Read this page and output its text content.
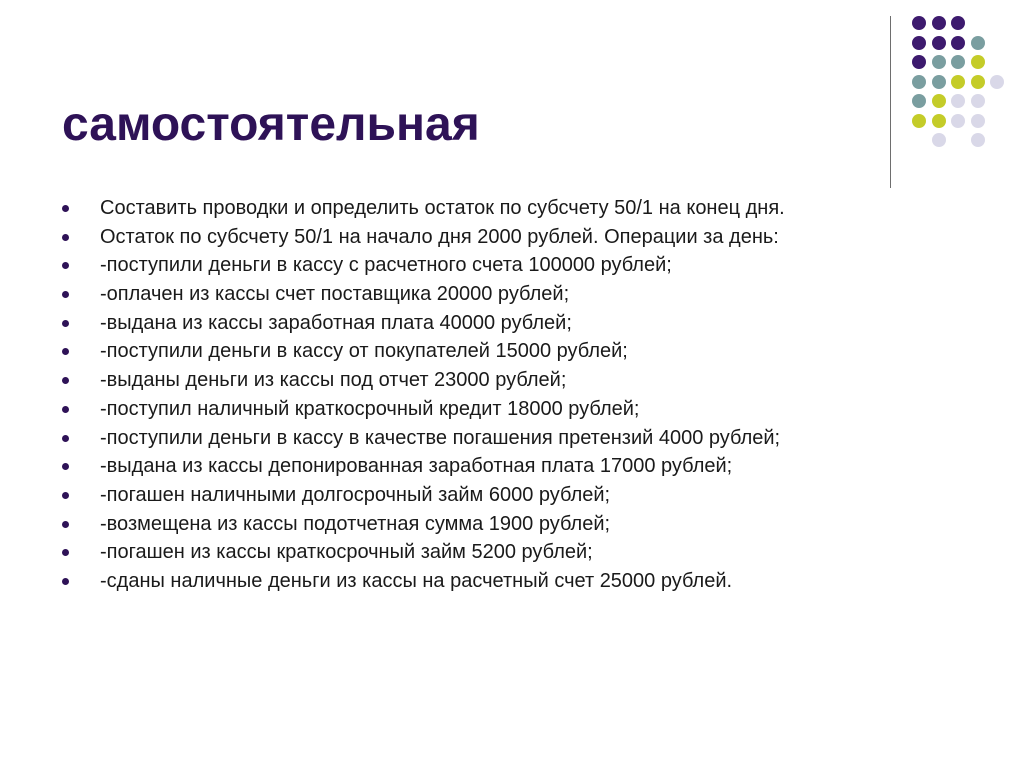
самостоятельная
Составить проводки и определить остаток по субсчету 50/1 на конец дня.
Остаток по субсчету 50/1 на начало дня 2000 рублей. Операции за день:
-поступили деньги в кассу с расчетного счета 100000 рублей;
-оплачен из кассы счет поставщика 20000 рублей;
-выдана из кассы заработная плата 40000 рублей;
-поступили деньги в кассу от покупателей 15000 рублей;
-выданы деньги из кассы под отчет 23000 рублей;
-поступил наличный краткосрочный кредит 18000 рублей;
-поступили деньги в кассу в качестве погашения претензий 4000 рублей;
-выдана из кассы депонированная заработная плата 17000 рублей;
-погашен наличными долгосрочный займ 6000 рублей;
-возмещена из кассы подотчетная сумма 1900 рублей;
-погашен из кассы краткосрочный займ 5200 рублей;
-сданы наличные деньги из кассы на расчетный счет 25000 рублей.
